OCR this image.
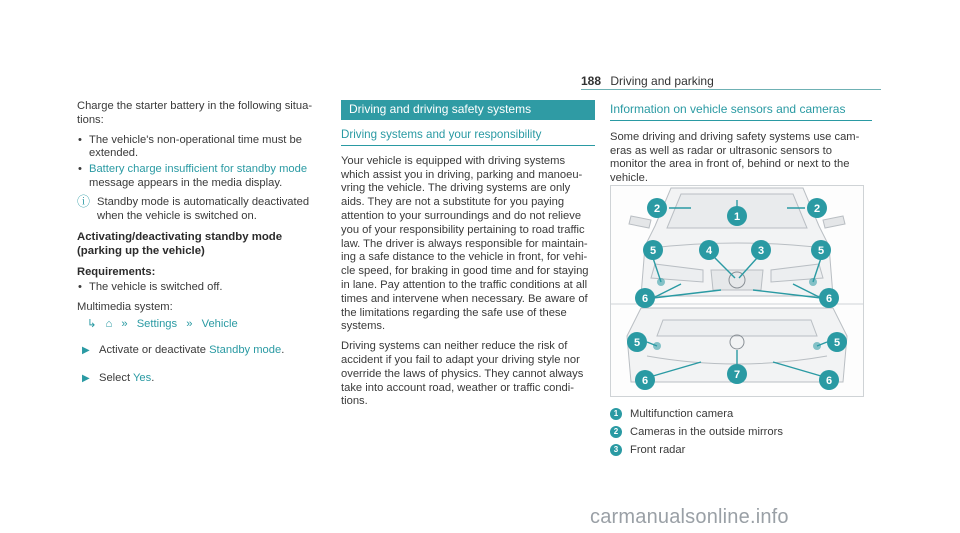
188 Driving and parking
Charge the starter battery in the following situa- tions:
• The vehicle's non-operational time must be extended.
• Battery charge insufficient for standby mode message appears in the media display.
ⓘ Standby mode is automatically deactivated when the vehicle is switched on.
Activating/deactivating standby mode (parking up the vehicle)
Requirements:
• The vehicle is switched off.
Multimedia system:
↳ ⌂ » Settings » Vehicle
▶ Activate or deactivate Standby mode.
▶ Select Yes.
Driving and driving safety systems
Driving systems and your responsibility
Your vehicle is equipped with driving systems which assist you in driving, parking and manoeu- vring the vehicle. The driving systems are only aids. They are not a substitute for you paying attention to your surroundings and do not relieve you of your responsibility pertaining to road traffic law. The driver is always responsible for maintain- ing a safe distance to the vehicle in front, for vehi- cle speed, for braking in good time and for staying in lane. Pay attention to the traffic conditions at all times and intervene when necessary. Be aware of the limitations regarding the safe use of these systems.
Driving systems can neither reduce the risk of accident if you fail to adapt your driving style nor override the laws of physics. They cannot always take into account road, weather or traffic condi- tions.
Information on vehicle sensors and cameras
Some driving and driving safety systems use cam- eras as well as radar or ultrasonic sensors to monitor the area in front of, behind or next to the vehicle.
2
1
2
5	4	3	5
6	6
5	5
6	7	6
1	Multifunction camera
2	Cameras in the outside mirrors
3	Front radar
carmanualsonline.info
